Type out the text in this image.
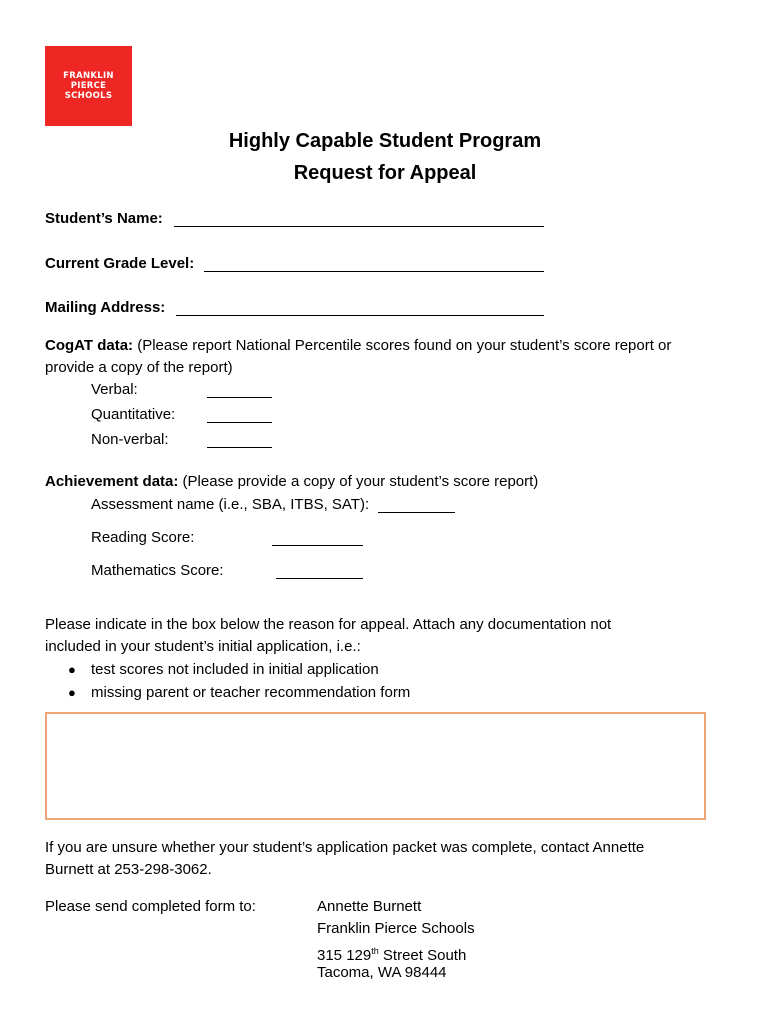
FRANKLIN
PIERCE
SCHOOLS
Highly Capable Student Program
Request for Appeal
Student’s Name:
Current Grade Level:
Mailing Address:
CogAT data: (Please report National Percentile scores found on your student’s score report or
provide a copy of the report)
Verbal:
Quantitative:
Non-verbal:
Achievement data: (Please provide a copy of your student’s score report)
Assessment name (i.e., SBA, ITBS, SAT):
Reading Score:
Mathematics Score:
Please indicate in the box below the reason for appeal. Attach any documentation not
included in your student’s initial application, i.e.:
● test scores not included in initial application
● missing parent or teacher recommendation form
If you are unsure whether your student’s application packet was complete, contact Annette
Burnett at 253-298-3062.
Please send completed form to:	Annette Burnett
Franklin Pierce Schools
315 129th Street South
Tacoma, WA 98444
